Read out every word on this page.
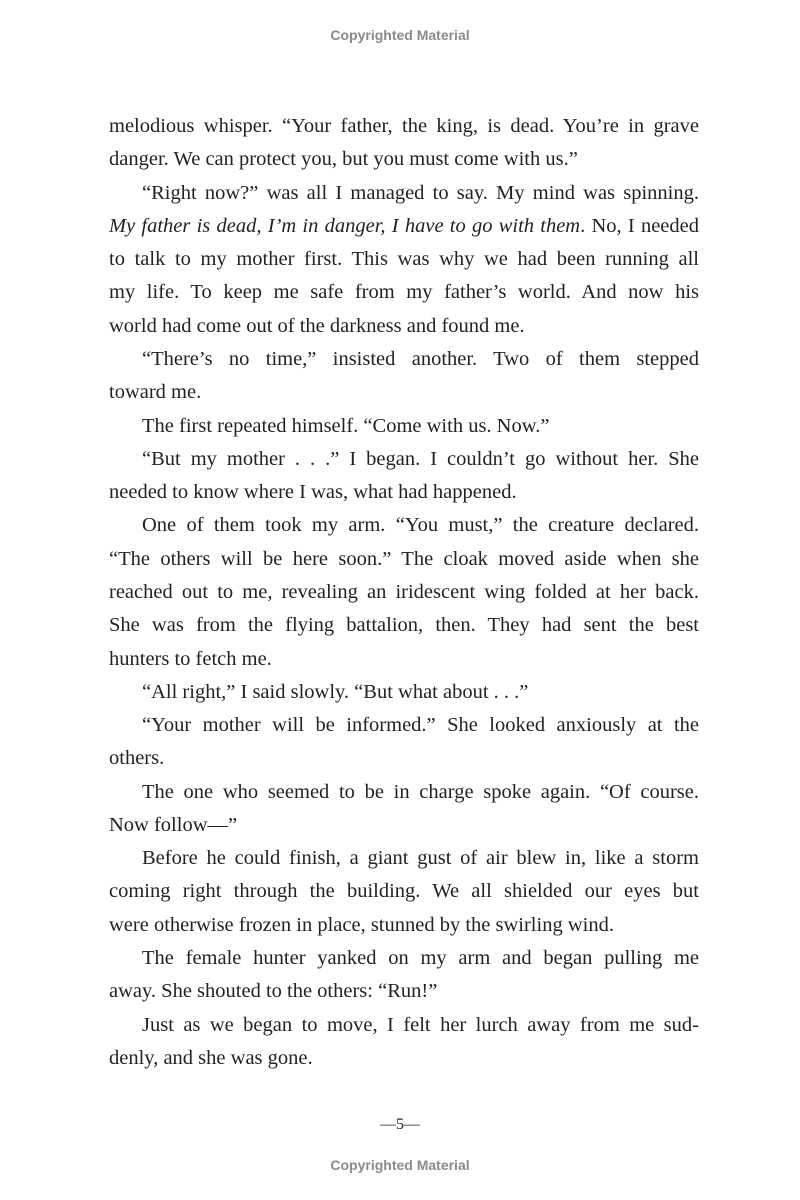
Copyrighted Material
melodious whisper. “Your father, the king, is dead. You’re in grave
danger. We can protect you, but you must come with us.”
“Right now?” was all I managed to say. My mind was spinning.
My father is dead, I’m in danger, I have to go with them. No, I needed
to talk to my mother first. This was why we had been running all
my life. To keep me safe from my father’s world. And now his
world had come out of the darkness and found me.
“There’s no time,” insisted another. Two of them stepped
toward me.
The first repeated himself. “Come with us. Now.”
“But my mother . . .” I began. I couldn’t go without her. She
needed to know where I was, what had happened.
One of them took my arm. “You must,” the creature declared.
“The others will be here soon.” The cloak moved aside when she
reached out to me, revealing an iridescent wing folded at her back.
She was from the flying battalion, then. They had sent the best
hunters to fetch me.
“All right,” I said slowly. “But what about . . .”
“Your mother will be informed.” She looked anxiously at the
others.
The one who seemed to be in charge spoke again. “Of course.
Now follow—”
Before he could finish, a giant gust of air blew in, like a storm
coming right through the building. We all shielded our eyes but
were otherwise frozen in place, stunned by the swirling wind.
The female hunter yanked on my arm and began pulling me
away. She shouted to the others: “Run!”
Just as we began to move, I felt her lurch away from me sud-
denly, and she was gone.
—5—
Copyrighted Material
